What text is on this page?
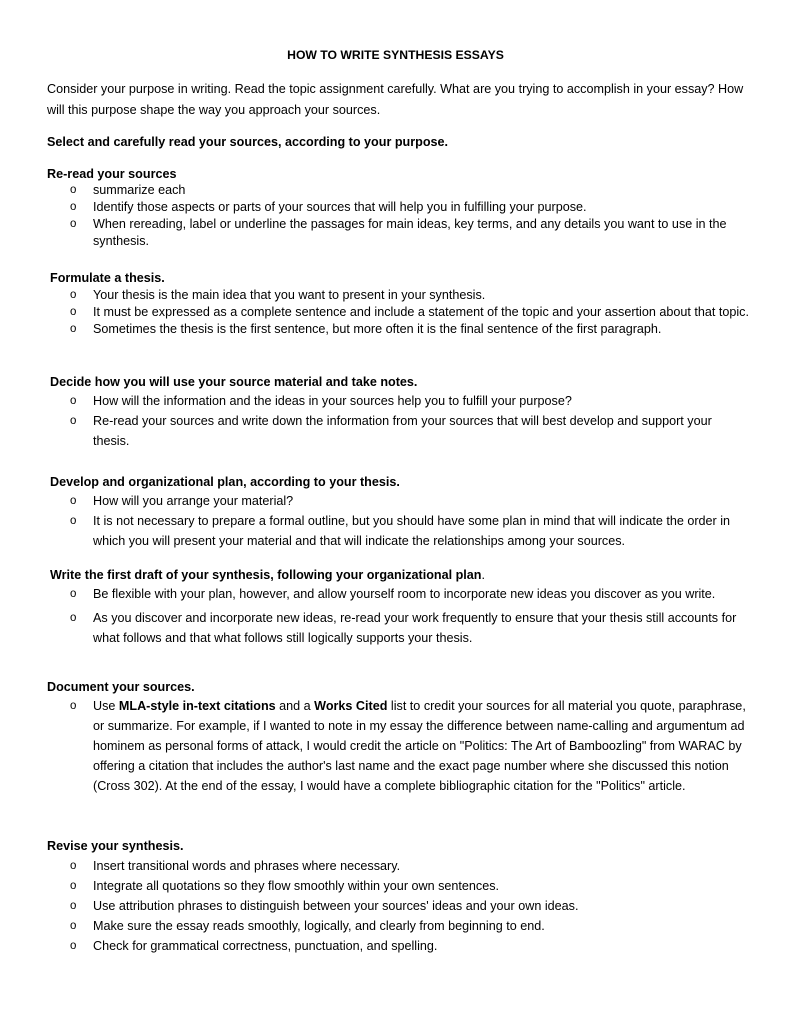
HOW TO WRITE SYNTHESIS ESSAYS

Consider your purpose in writing. Read the topic assignment carefully. What are you trying to accomplish in your essay? How will this purpose shape the way you approach your sources.

Select and carefully read your sources, according to your purpose.

Re-read your sources

o summarize each
o Identify those aspects or parts of your sources that will help you in fulfilling your purpose.
o When rereading, label or underline the passages for main ideas, key terms, and any details you want to use in the synthesis.

Formulate a thesis.

o Your thesis is the main idea that you want to present in your synthesis.
o It must be expressed as a complete sentence and include a statement of the topic and your assertion about that topic.
o Sometimes the thesis is the first sentence, but more often it is the final sentence of the first paragraph.

Decide how you will use your source material and take notes.

o How will the information and the ideas in your sources help you to fulfill your purpose?
o Re-read your sources and write down the information from your sources that will best develop and support your thesis.

Develop and organizational plan, according to your thesis.

o How will you arrange your material?
o It is not necessary to prepare a formal outline, but you should have some plan in mind that will indicate the order in which you will present your material and that will indicate the relationships among your sources.

Write the first draft of your synthesis, following your organizational plan.

o Be flexible with your plan, however, and allow yourself room to incorporate new ideas you discover as you write.
o As you discover and incorporate new ideas, re-read your work frequently to ensure that your thesis still accounts for what follows and that what follows still logically supports your thesis.

Document your sources.

o Use MLA-style in-text citations and a Works Cited list to credit your sources for all material you quote, paraphrase, or summarize. For example, if I wanted to note in my essay the difference between name-calling and argumentum ad hominem as personal forms of attack, I would credit the article on "Politics: The Art of Bamboozling" from WARAC by offering a citation that includes the author's last name and the exact page number where she discussed this notion (Cross 302). At the end of the essay, I would have a complete bibliographic citation for the "Politics" article.

Revise your synthesis.

o Insert transitional words and phrases where necessary.
o Integrate all quotations so they flow smoothly within your own sentences.
o Use attribution phrases to distinguish between your sources' ideas and your own ideas.
o Make sure the essay reads smoothly, logically, and clearly from beginning to end.
o Check for grammatical correctness, punctuation, and spelling.
